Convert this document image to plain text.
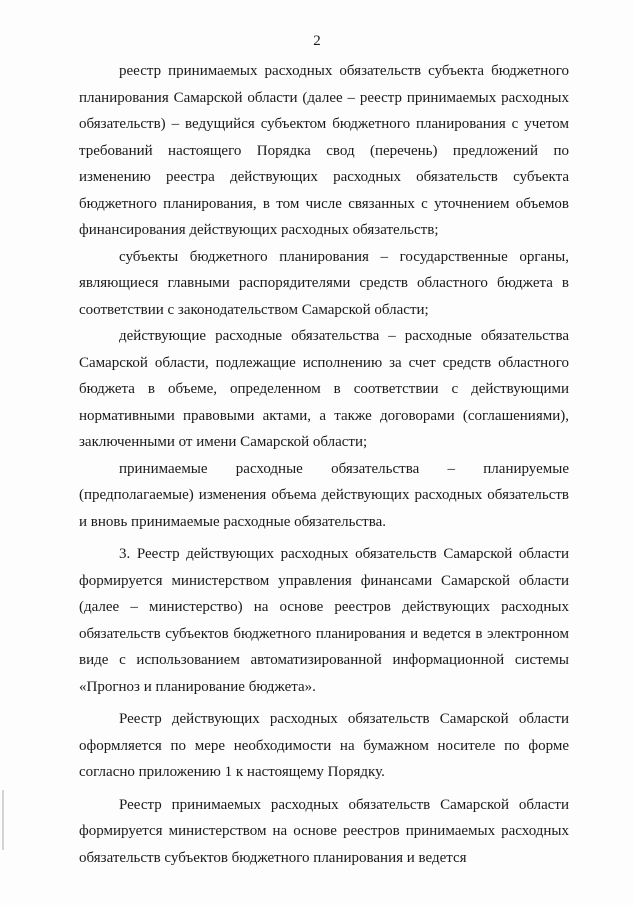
2

реестр принимаемых расходных обязательств субъекта бюджетного планирования Самарской области (далее – реестр принимаемых расходных обязательств) – ведущийся субъектом бюджетного планирования с учетом требований настоящего Порядка свод (перечень) предложений по изменению реестра действующих расходных обязательств субъекта бюджетного планирования, в том числе связанных с уточнением объемов финансирования действующих расходных обязательств;

субъекты бюджетного планирования – государственные органы, являющиеся главными распорядителями средств областного бюджета в соответствии с законодательством Самарской области;

действующие расходные обязательства – расходные обязательства Самарской области, подлежащие исполнению за счет средств областного бюджета в объеме, определенном в соответствии с действующими нормативными правовыми актами, а также договорами (соглашениями), заключенными от имени Самарской области;

принимаемые расходные обязательства – планируемые (предполагаемые) изменения объема действующих расходных обязательств и вновь принимаемые расходные обязательства.

3. Реестр действующих расходных обязательств Самарской области формируется министерством управления финансами Самарской области (далее – министерство) на основе реестров действующих расходных обязательств субъектов бюджетного планирования и ведется в электронном виде с использованием автоматизированной информационной системы «Прогноз и планирование бюджета».

Реестр действующих расходных обязательств Самарской области оформляется по мере необходимости на бумажном носителе по форме согласно приложению 1 к настоящему Порядку.

Реестр принимаемых расходных обязательств Самарской области формируется министерством на основе реестров принимаемых расходных обязательств субъектов бюджетного планирования и ведется
